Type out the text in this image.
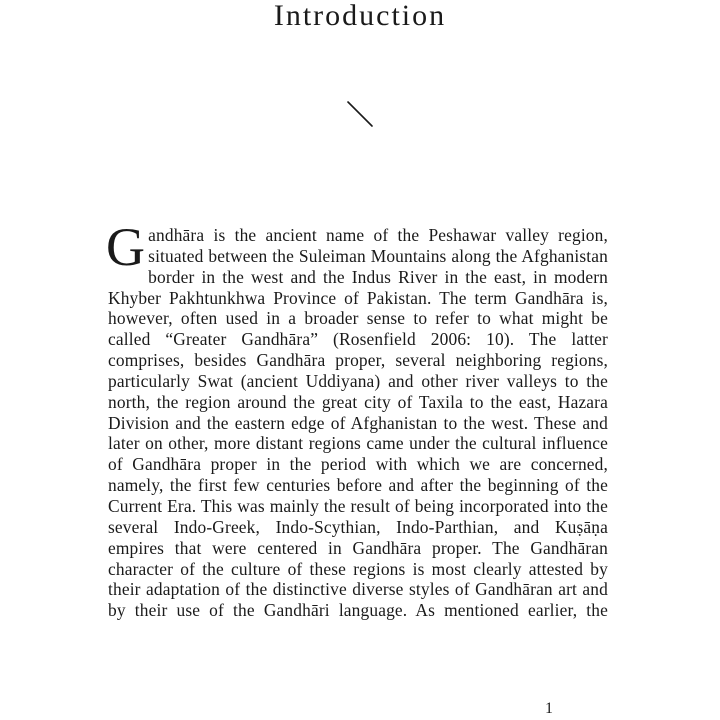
Introduction

Gandhāra is the ancient name of the Peshawar valley region, situated between the Suleiman Mountains along the Afghanistan border in the west and the Indus River in the east, in modern Khyber Pakhtunkhwa Province of Pakistan. The term Gandhāra is, however, often used in a broader sense to refer to what might be called “Greater Gandhāra” (Rosenfield 2006: 10). The latter comprises, besides Gandhāra proper, several neighboring regions, particularly Swat (ancient Uddiyana) and other river valleys to the north, the region around the great city of Taxila to the east, Hazara Division and the eastern edge of Afghanistan to the west. These and later on other, more distant regions came under the cultural influence of Gandhāra proper in the period with which we are concerned, namely, the first few centuries before and after the beginning of the Current Era. This was mainly the result of being incorporated into the several Indo-Greek, Indo-Scythian, Indo-Parthian, and Kuṣāṇa empires that were centered in Gandhāra proper. The Gandhāran character of the culture of these regions is most clearly attested by their adaptation of the distinctive diverse styles of Gandhāran art and by their use of the Gandhāri language. As mentioned earlier, the

1
